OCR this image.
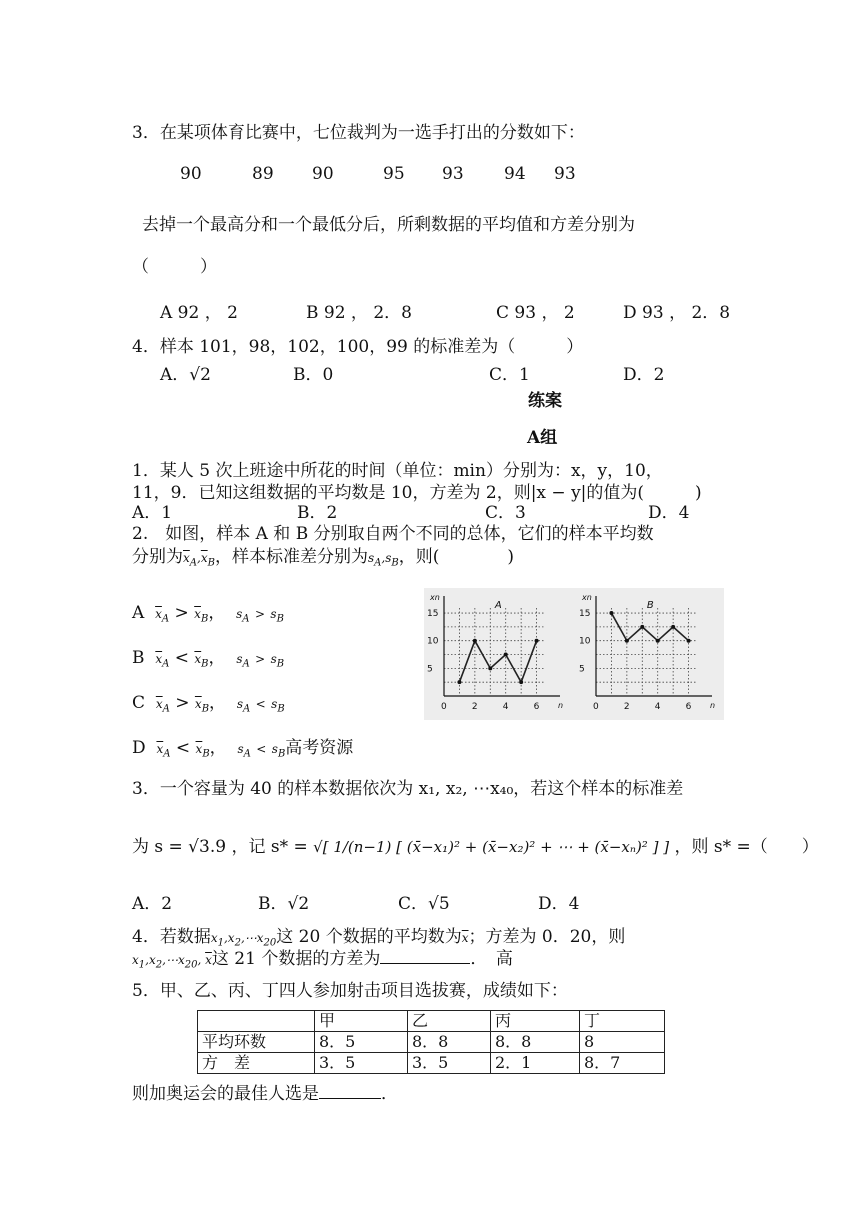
3．在某项体育比赛中，七位裁判为一选手打出的分数如下：
90	89 90	95 93 94 93
去掉一个最高分和一个最低分后，所剩数据的平均值和方差分别为
（　　　）
A 92 ， 2	B 92 ， 2．8	C 93 ， 2	D 93 ， 2．8
4．样本 101，98，102，100，99 的标准差为（　　　）
A．√2	B．0	C．1	D．2
练案
A组
1．某人 5 次上班途中所花的时间（单位：min）分别为：x，y，10，
11，9．已知这组数据的平均数是 10，方差为 2，则|x − y|的值为(　　　)
A．1	B．2	C．3	D．4
2.　如图，样本 A 和 B 分别取自两个不同的总体，它们的样本平均数
分别为$\overline{x}_A,\overline{x}_B$，样本标准差分别为$s_A,s_B$，则(　　　　)
A $\overline{x}_A > \overline{x}_B$，  $s_A > s_B$
B $\overline{x}_A < \overline{x}_B$，  $s_A > s_B$
C $\overline{x}_A > \overline{x}_B$，  $s_A < s_B$
D $\overline{x}_A < \overline{x}_B$，  $s_A < s_B$高考资源
0	2	4	6
5
10
15
n
xn
A
0	2	4	6
5
10
15
n
xn
B
3．一个容量为 40 的样本数据依次为 x₁, x₂, ⋯x₄₀，若这个样本的标准差
为 s = √3.9 ，记 s* = √[ 1/(n−1) [ (x̄−x₁)² + (x̄−x₂)² + ⋯ + (x̄−xₙ)² ] ] ，则 s* =（　　）
A．2	B．√2	C．√5	D．4
4．若数据$x_1,x_2,\cdots x_{20}$这 20 个数据的平均数为$\overline{x}$；方差为 0．20，则
$x_1,x_2,\cdots x_{20}$, $\overline{x}$这 21 个数据的方差为	．　高
5．甲、乙、丙、丁四人参加射击项目选拔赛，成绩如下：
	甲	乙	丙	丁
平均环数	8．5	8．8	8．8	8
方　差	3．5	3．5	2．1	8．7
则加奥运会的最佳人选是	．
